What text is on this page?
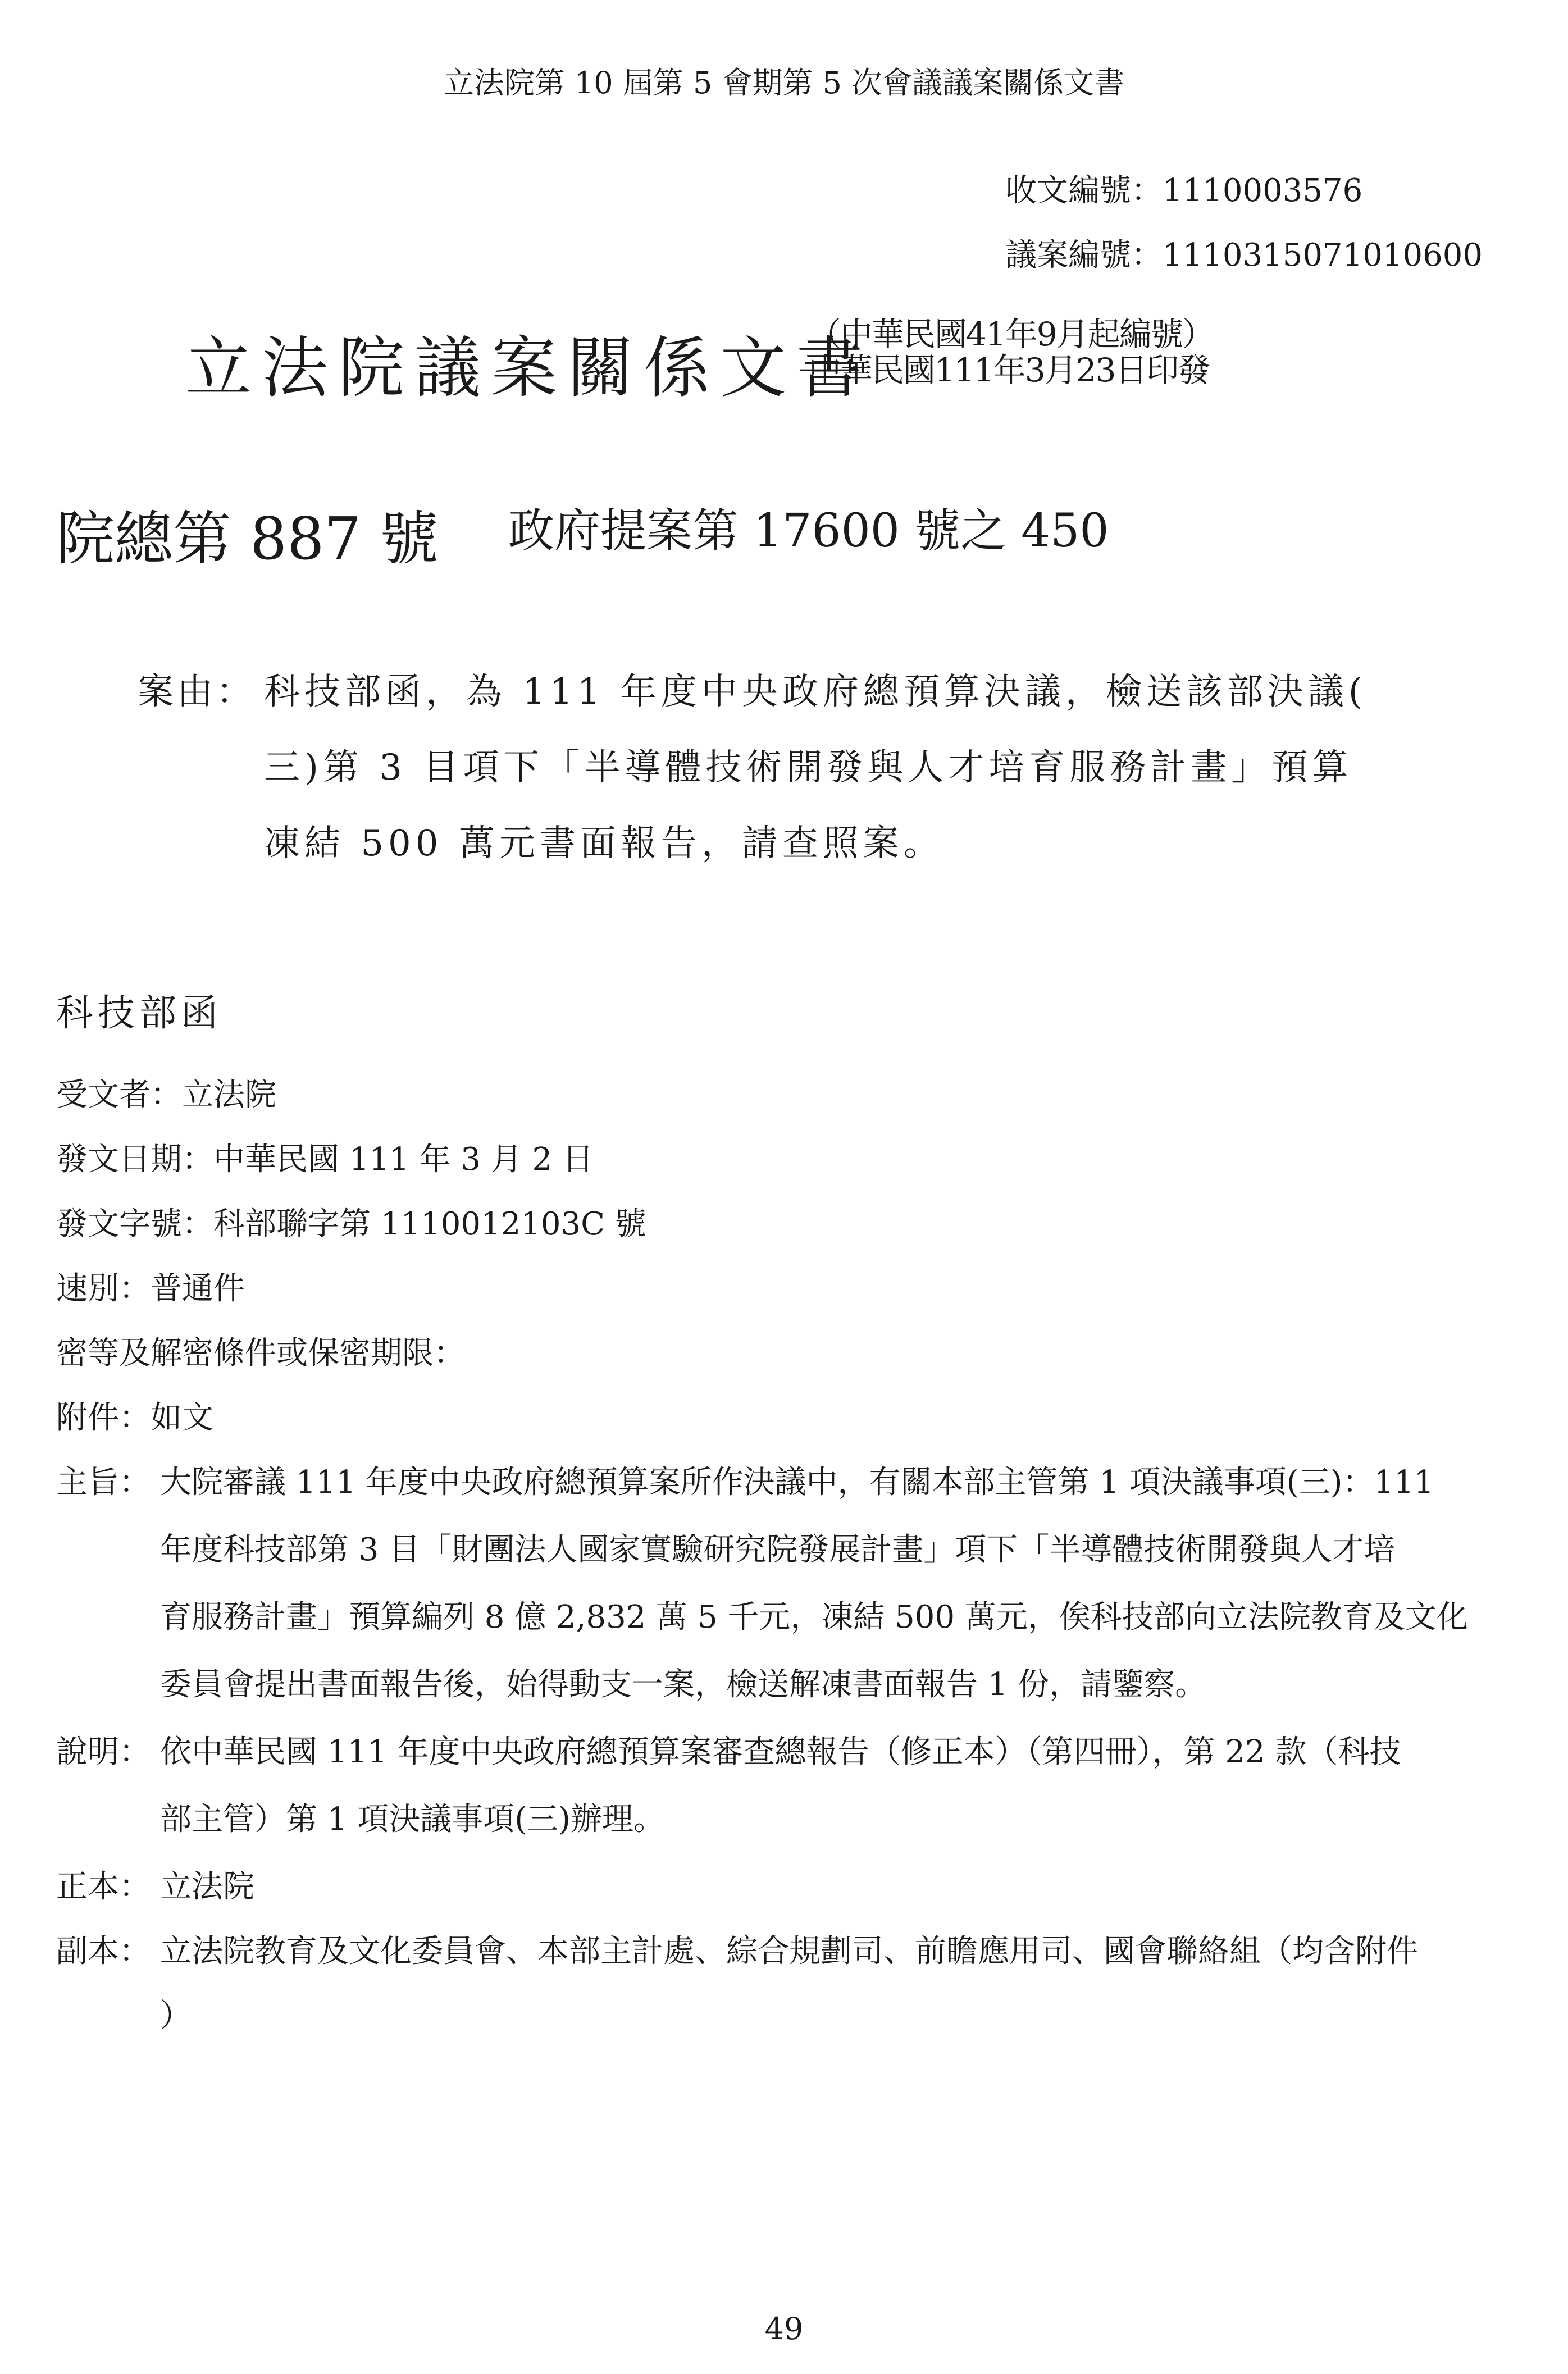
立法院第 10 屆第 5 會期第 5 次會議議案關係文書
收文編號：1110003576
議案編號：1110315071010600
立法院議案關係文書
（中華民國41年9月起編號）
中華民國111年3月23日印發
院總第 887 號 政府提案第 17600 號之 450
案由： 科技部函，為 111 年度中央政府總預算決議，檢送該部決議(
三)第 3 目項下「半導體技術開發與人才培育服務計畫」預算
凍結 500 萬元書面報告，請查照案。
科技部函
受文者：立法院
發文日期：中華民國 111 年 3 月 2 日
發文字號：科部聯字第 1110012103C 號
速別：普通件
密等及解密條件或保密期限：
附件：如文
主旨： 大院審議 111 年度中央政府總預算案所作決議中，有關本部主管第 1 項決議事項(三)：111
年度科技部第 3 目「財團法人國家實驗研究院發展計畫」項下「半導體技術開發與人才培
育服務計畫」預算編列 8 億 2,832 萬 5 千元，凍結 500 萬元，俟科技部向立法院教育及文化
委員會提出書面報告後，始得動支一案，檢送解凍書面報告 1 份，請鑒察。
說明： 依中華民國 111 年度中央政府總預算案審查總報告（修正本）（第四冊），第 22 款（科技
部主管）第 1 項決議事項(三)辦理。
正本： 立法院
副本： 立法院教育及文化委員會、本部主計處、綜合規劃司、前瞻應用司、國會聯絡組（均含附件
）
49
